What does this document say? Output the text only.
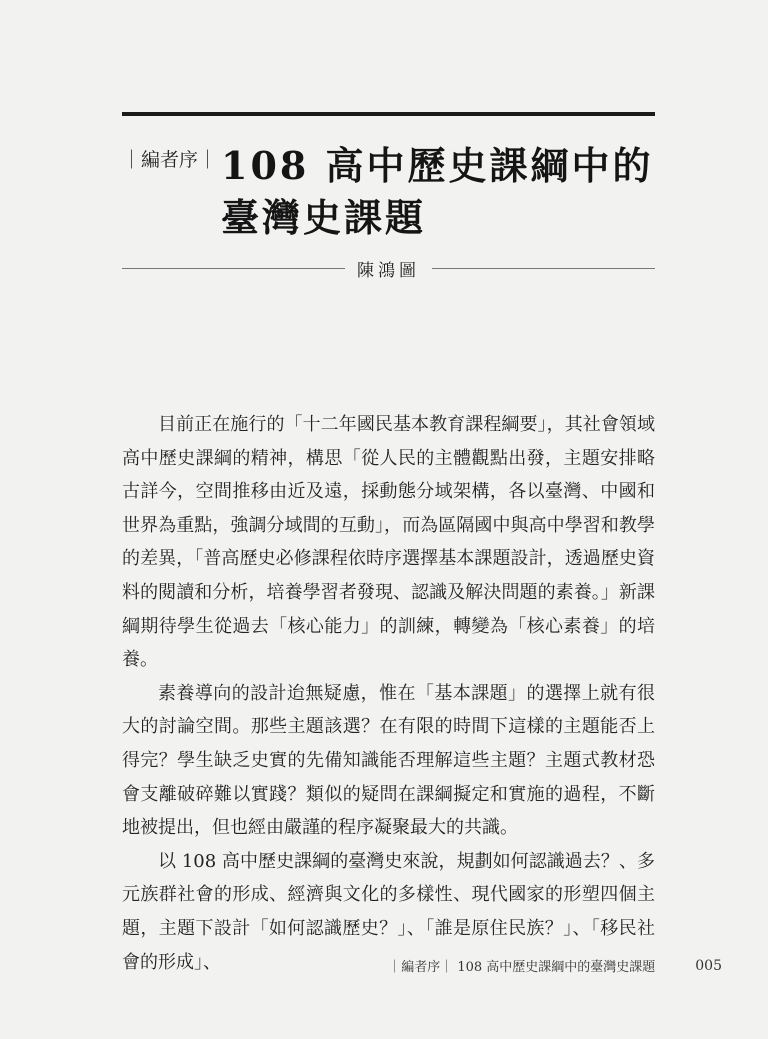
｜編者序｜ 108 高中歷史課綱中的
臺灣史課題
陳鴻圖

目前正在施行的「十二年國民基本教育課程綱要」，其社會領域高中歷史課綱的精神，構思「從人民的主體觀點出發，主題安排略古詳今，空間推移由近及遠，採動態分域架構，各以臺灣、中國和世界為重點，強調分域間的互動」，而為區隔國中與高中學習和教學的差異，「普高歷史必修課程依時序選擇基本課題設計，透過歷史資料的閱讀和分析，培養學習者發現、認識及解決問題的素養。」新課綱期待學生從過去「核心能力」的訓練，轉變為「核心素養」的培養。

素養導向的設計迨無疑慮，惟在「基本課題」的選擇上就有很大的討論空間。那些主題該選？在有限的時間下這樣的主題能否上得完？學生缺乏史實的先備知識能否理解這些主題？主題式教材恐會支離破碎難以實踐？類似的疑問在課綱擬定和實施的過程，不斷地被提出，但也經由嚴謹的程序凝聚最大的共識。

以 108 高中歷史課綱的臺灣史來說，規劃如何認識過去？、多元族群社會的形成、經濟與文化的多樣性、現代國家的形塑四個主題，主題下設計「如何認識歷史？」、「誰是原住民族？」、「移民社會的形成」、	｜編者序｜ 108 高中歷史課綱中的臺灣史課題	005
